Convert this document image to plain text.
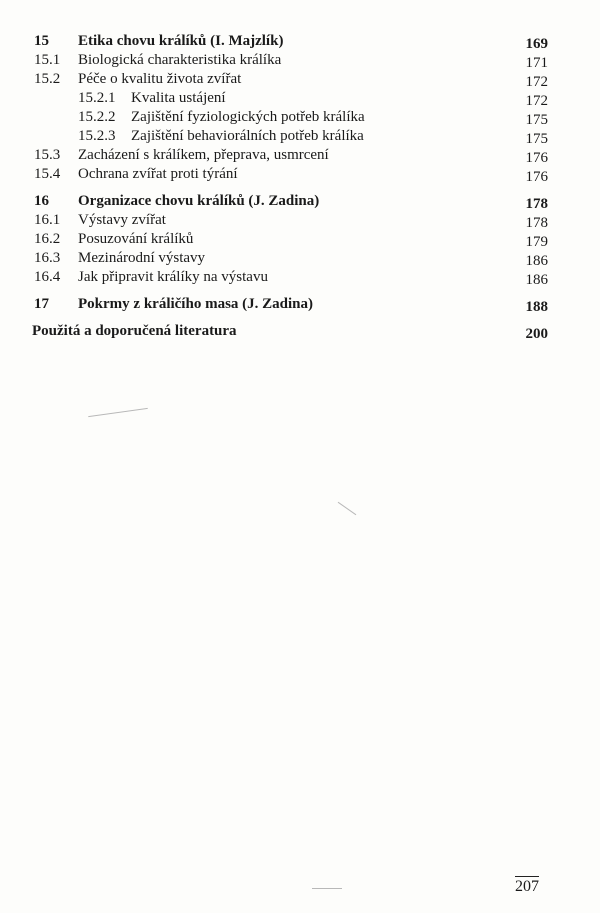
15 Etika chovu králíků (I. Majzlík)	169
15.1 Biologická charakteristika králíka	171
15.2 Péče o kvalitu života zvířat	172
15.2.1 Kvalita ustájení	172
15.2.2 Zajištění fyziologických potřeb králíka	175
15.2.3 Zajištění behaviorálních potřeb králíka	175
15.3 Zacházení s králíkem, přeprava, usmrcení	176
15.4 Ochrana zvířat proti týrání	176
16 Organizace chovu králíků (J. Zadina)	178
16.1 Výstavy zvířat	178
16.2 Posuzování králíků	179
16.3 Mezinárodní výstavy	186
16.4 Jak připravit králíky na výstavu	186
17 Pokrmy z králičího masa (J. Zadina)	188
Použitá a doporučená literatura	200
207
